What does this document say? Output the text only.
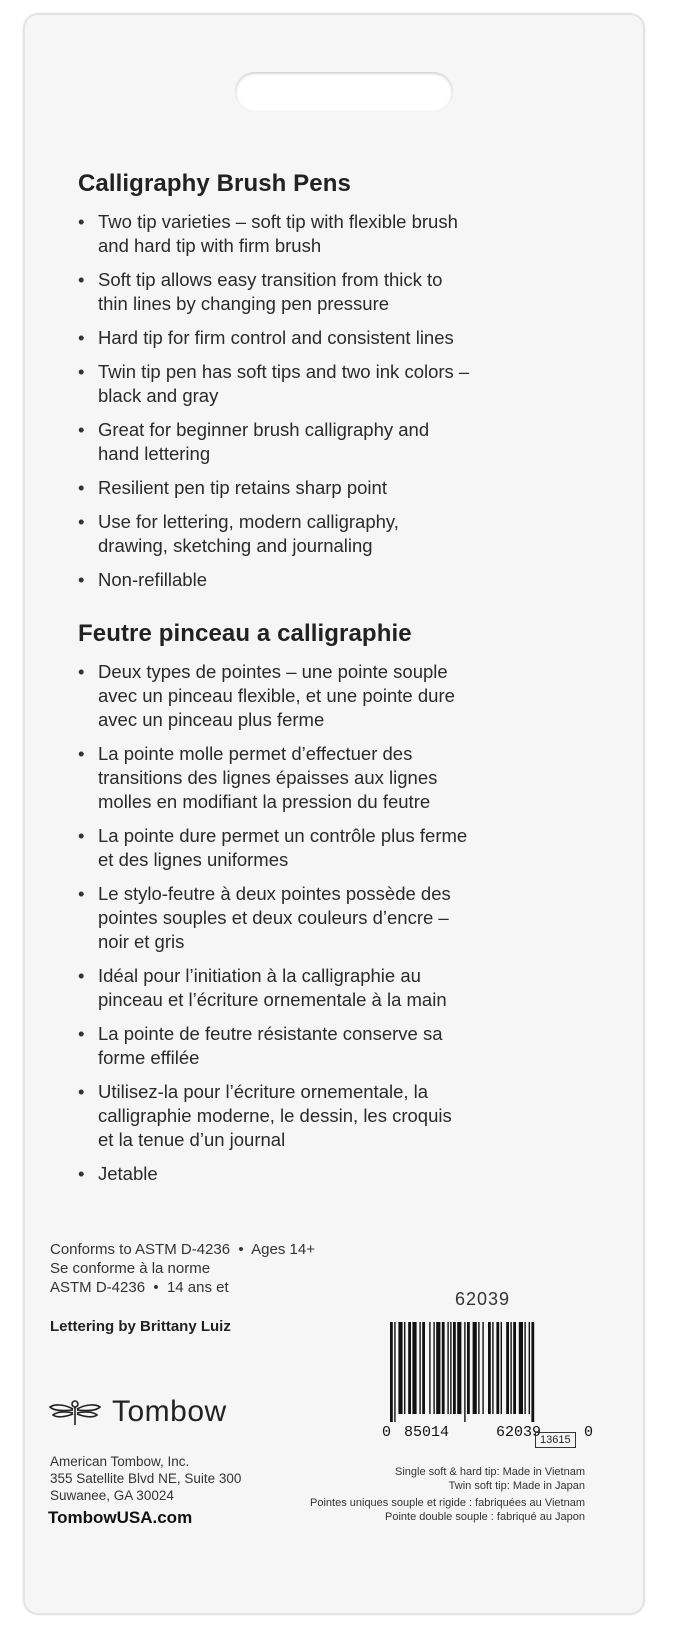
Calligraphy Brush Pens
• Two tip varieties – soft tip with flexible brush
and hard tip with firm brush
• Soft tip allows easy transition from thick to
thin lines by changing pen pressure
• Hard tip for firm control and consistent lines
• Twin tip pen has soft tips and two ink colors –
black and gray
• Great for beginner brush calligraphy and
hand lettering
• Resilient pen tip retains sharp point
• Use for lettering, modern calligraphy,
drawing, sketching and journaling
• Non-refillable
Feutre pinceau a calligraphie
• Deux types de pointes – une pointe souple
avec un pinceau flexible, et une pointe dure
avec un pinceau plus ferme
• La pointe molle permet d’effectuer des
transitions des lignes épaisses aux lignes
molles en modifiant la pression du feutre
• La pointe dure permet un contrôle plus ferme
et des lignes uniformes
• Le stylo-feutre à deux pointes possède des
pointes souples et deux couleurs d’encre –
noir et gris
• Idéal pour l’initiation à la calligraphie au
pinceau et l’écriture ornementale à la main
• La pointe de feutre résistante conserve sa
forme effilée
• Utilisez-la pour l’écriture ornementale, la
calligraphie moderne, le dessin, les croquis
et la tenue d’un journal
• Jetable
Conforms to ASTM D-4236  •  Ages 14+
Se conforme à la norme
ASTM D-4236  •  14 ans et
Lettering by Brittany Luiz
Tombow
American Tombow, Inc.
355 Satellite Blvd NE, Suite 300
Suwanee, GA 30024
TombowUSA.com
62039
0 85014	62039	0
13615
Single soft & hard tip: Made in Vietnam
Twin soft tip: Made in Japan
Pointes uniques souple et rigide : fabriquées au Vietnam
Pointe double souple : fabriqué au Japon
